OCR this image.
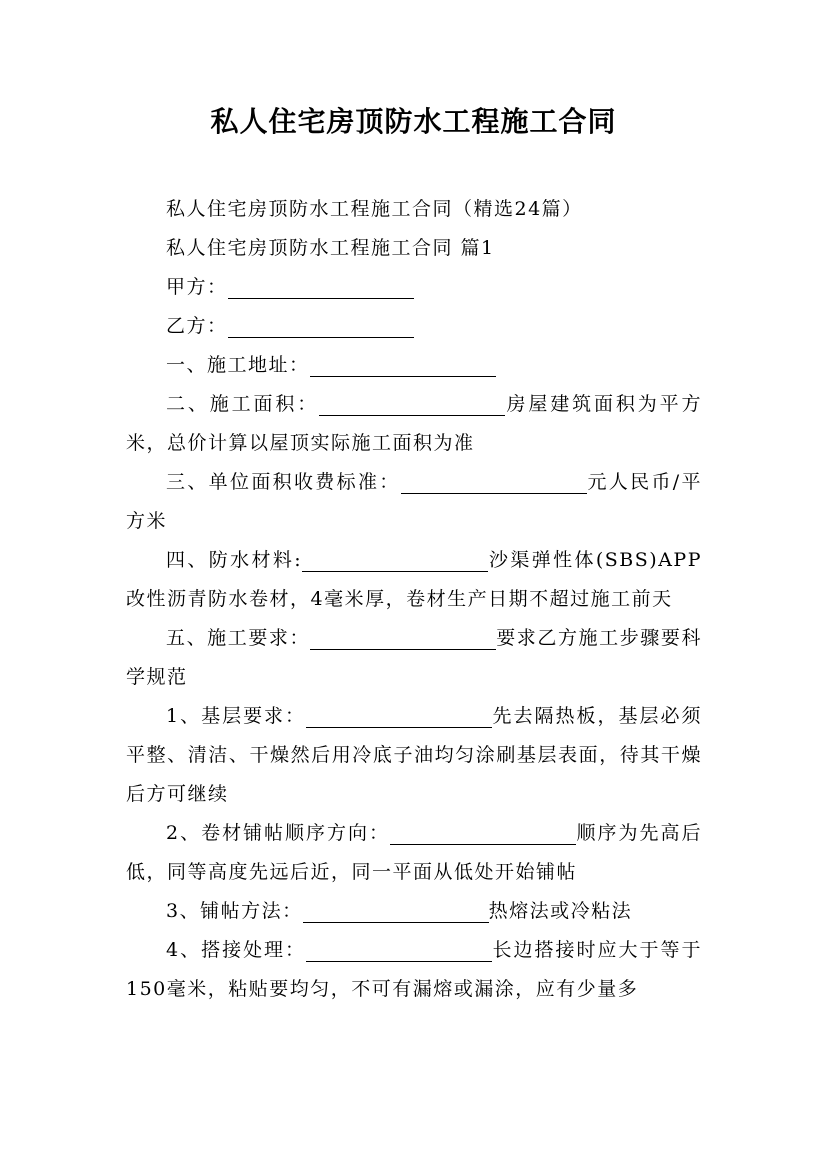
私人住宅房顶防水工程施工合同

私人住宅房顶防水工程施工合同（精选24篇）

私人住宅房顶防水工程施工合同 篇1

甲方：

乙方：

一、施工地址：

二、施工面积：	房屋建筑面积为平方米，总价计算以屋顶实际施工面积为准

三、单位面积收费标准：	元人民币/平方米

四、防水材料:	沙渠弹性体(SBS)APP改性沥青防水卷材，4毫米厚，卷材生产日期不超过施工前天

五、施工要求：	要求乙方施工步骤要科学规范

1、基层要求：	先去隔热板，基层必须平整、清洁、干燥然后用冷底子油均匀涂刷基层表面，待其干燥后方可继续

2、卷材铺帖顺序方向：	顺序为先高后低，同等高度先远后近，同一平面从低处开始铺帖

3、铺帖方法：	热熔法或冷粘法

4、搭接处理：	长边搭接时应大于等于150毫米，粘贴要均匀，不可有漏熔或漏涂，应有少量多
